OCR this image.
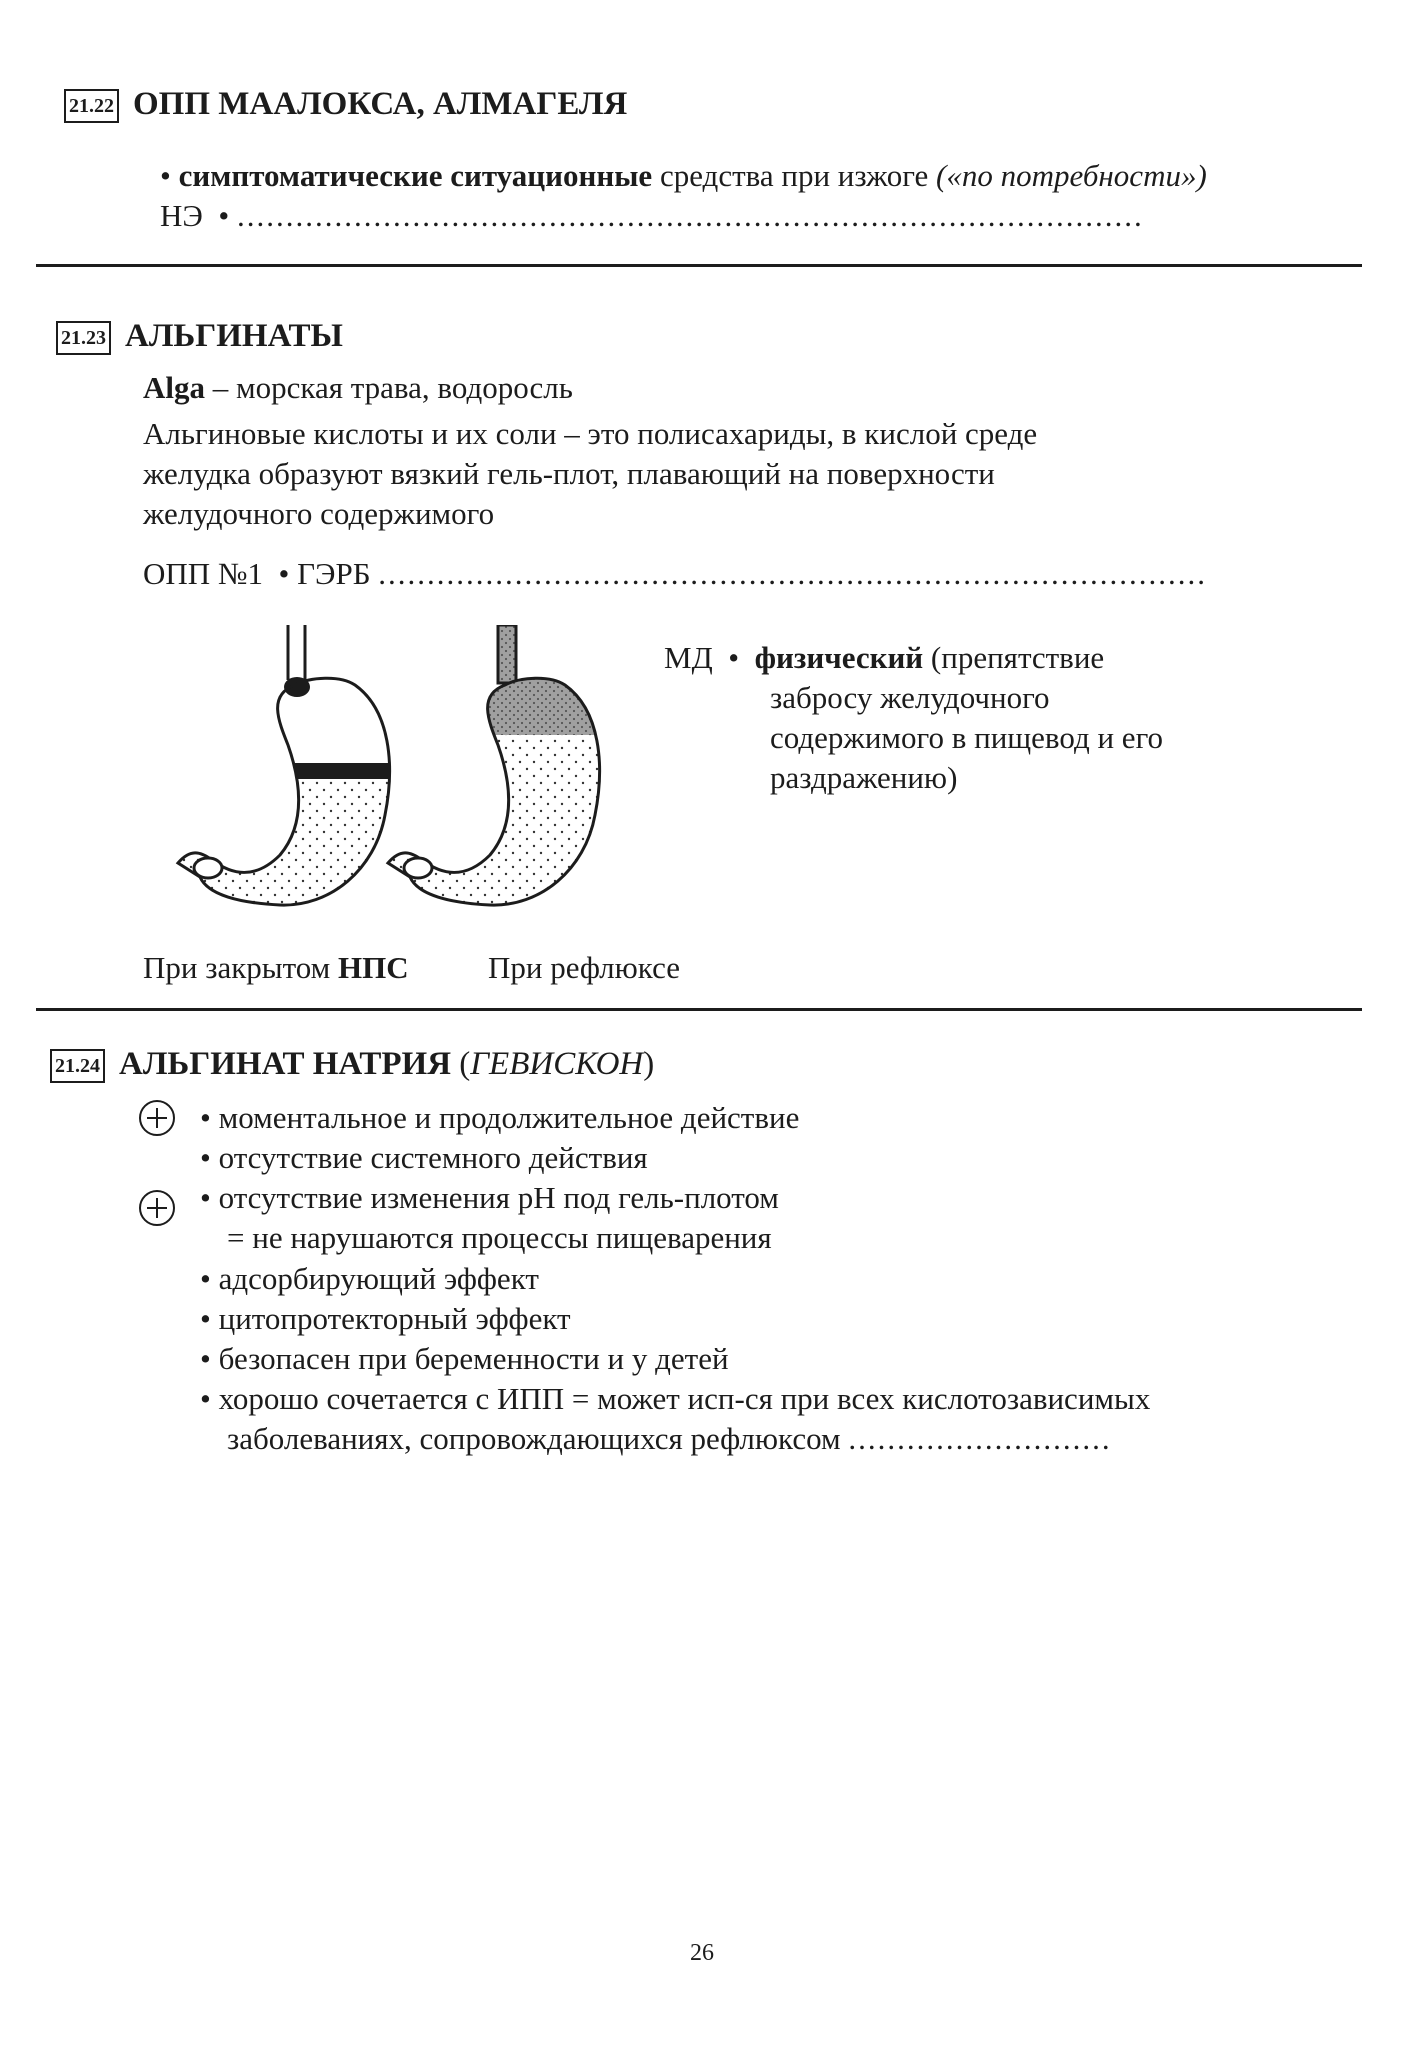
21.22 ОПП МААЛОКСА, АЛМАГЕЛЯ
• симптоматические ситуационные средства при изжоге («по потребности»)
НЭ  • .............................................................................................
21.23 АЛЬГИНАТЫ
Alga – морская трава, водоросль
Альгиновые кислоты и их соли – это полисахариды, в кислой среде
желудка образуют вязкий гель-плот, плавающий на поверхности
желудочного содержимого
ОПП №1  • ГЭРБ .....................................................................................
МД  •  физический (препятствие
забросу желудочного
содержимого в пищевод и его
раздражению)
При закрытом НПС	При рефлюксе
21.24 АЛЬГИНАТ НАТРИЯ (ГЕВИСКОН)
• моментальное и продолжительное действие
• отсутствие системного действия
• отсутствие изменения pH под гель-плотом
= не нарушаются процессы пищеварения
• адсорбирующий эффект
• цитопротекторный эффект
• безопасен при беременности и у детей
• хорошо сочетается с ИПП = может исп-ся при всех кислотозависимых
заболеваниях, сопровождающихся рефлюксом ...........................
26
